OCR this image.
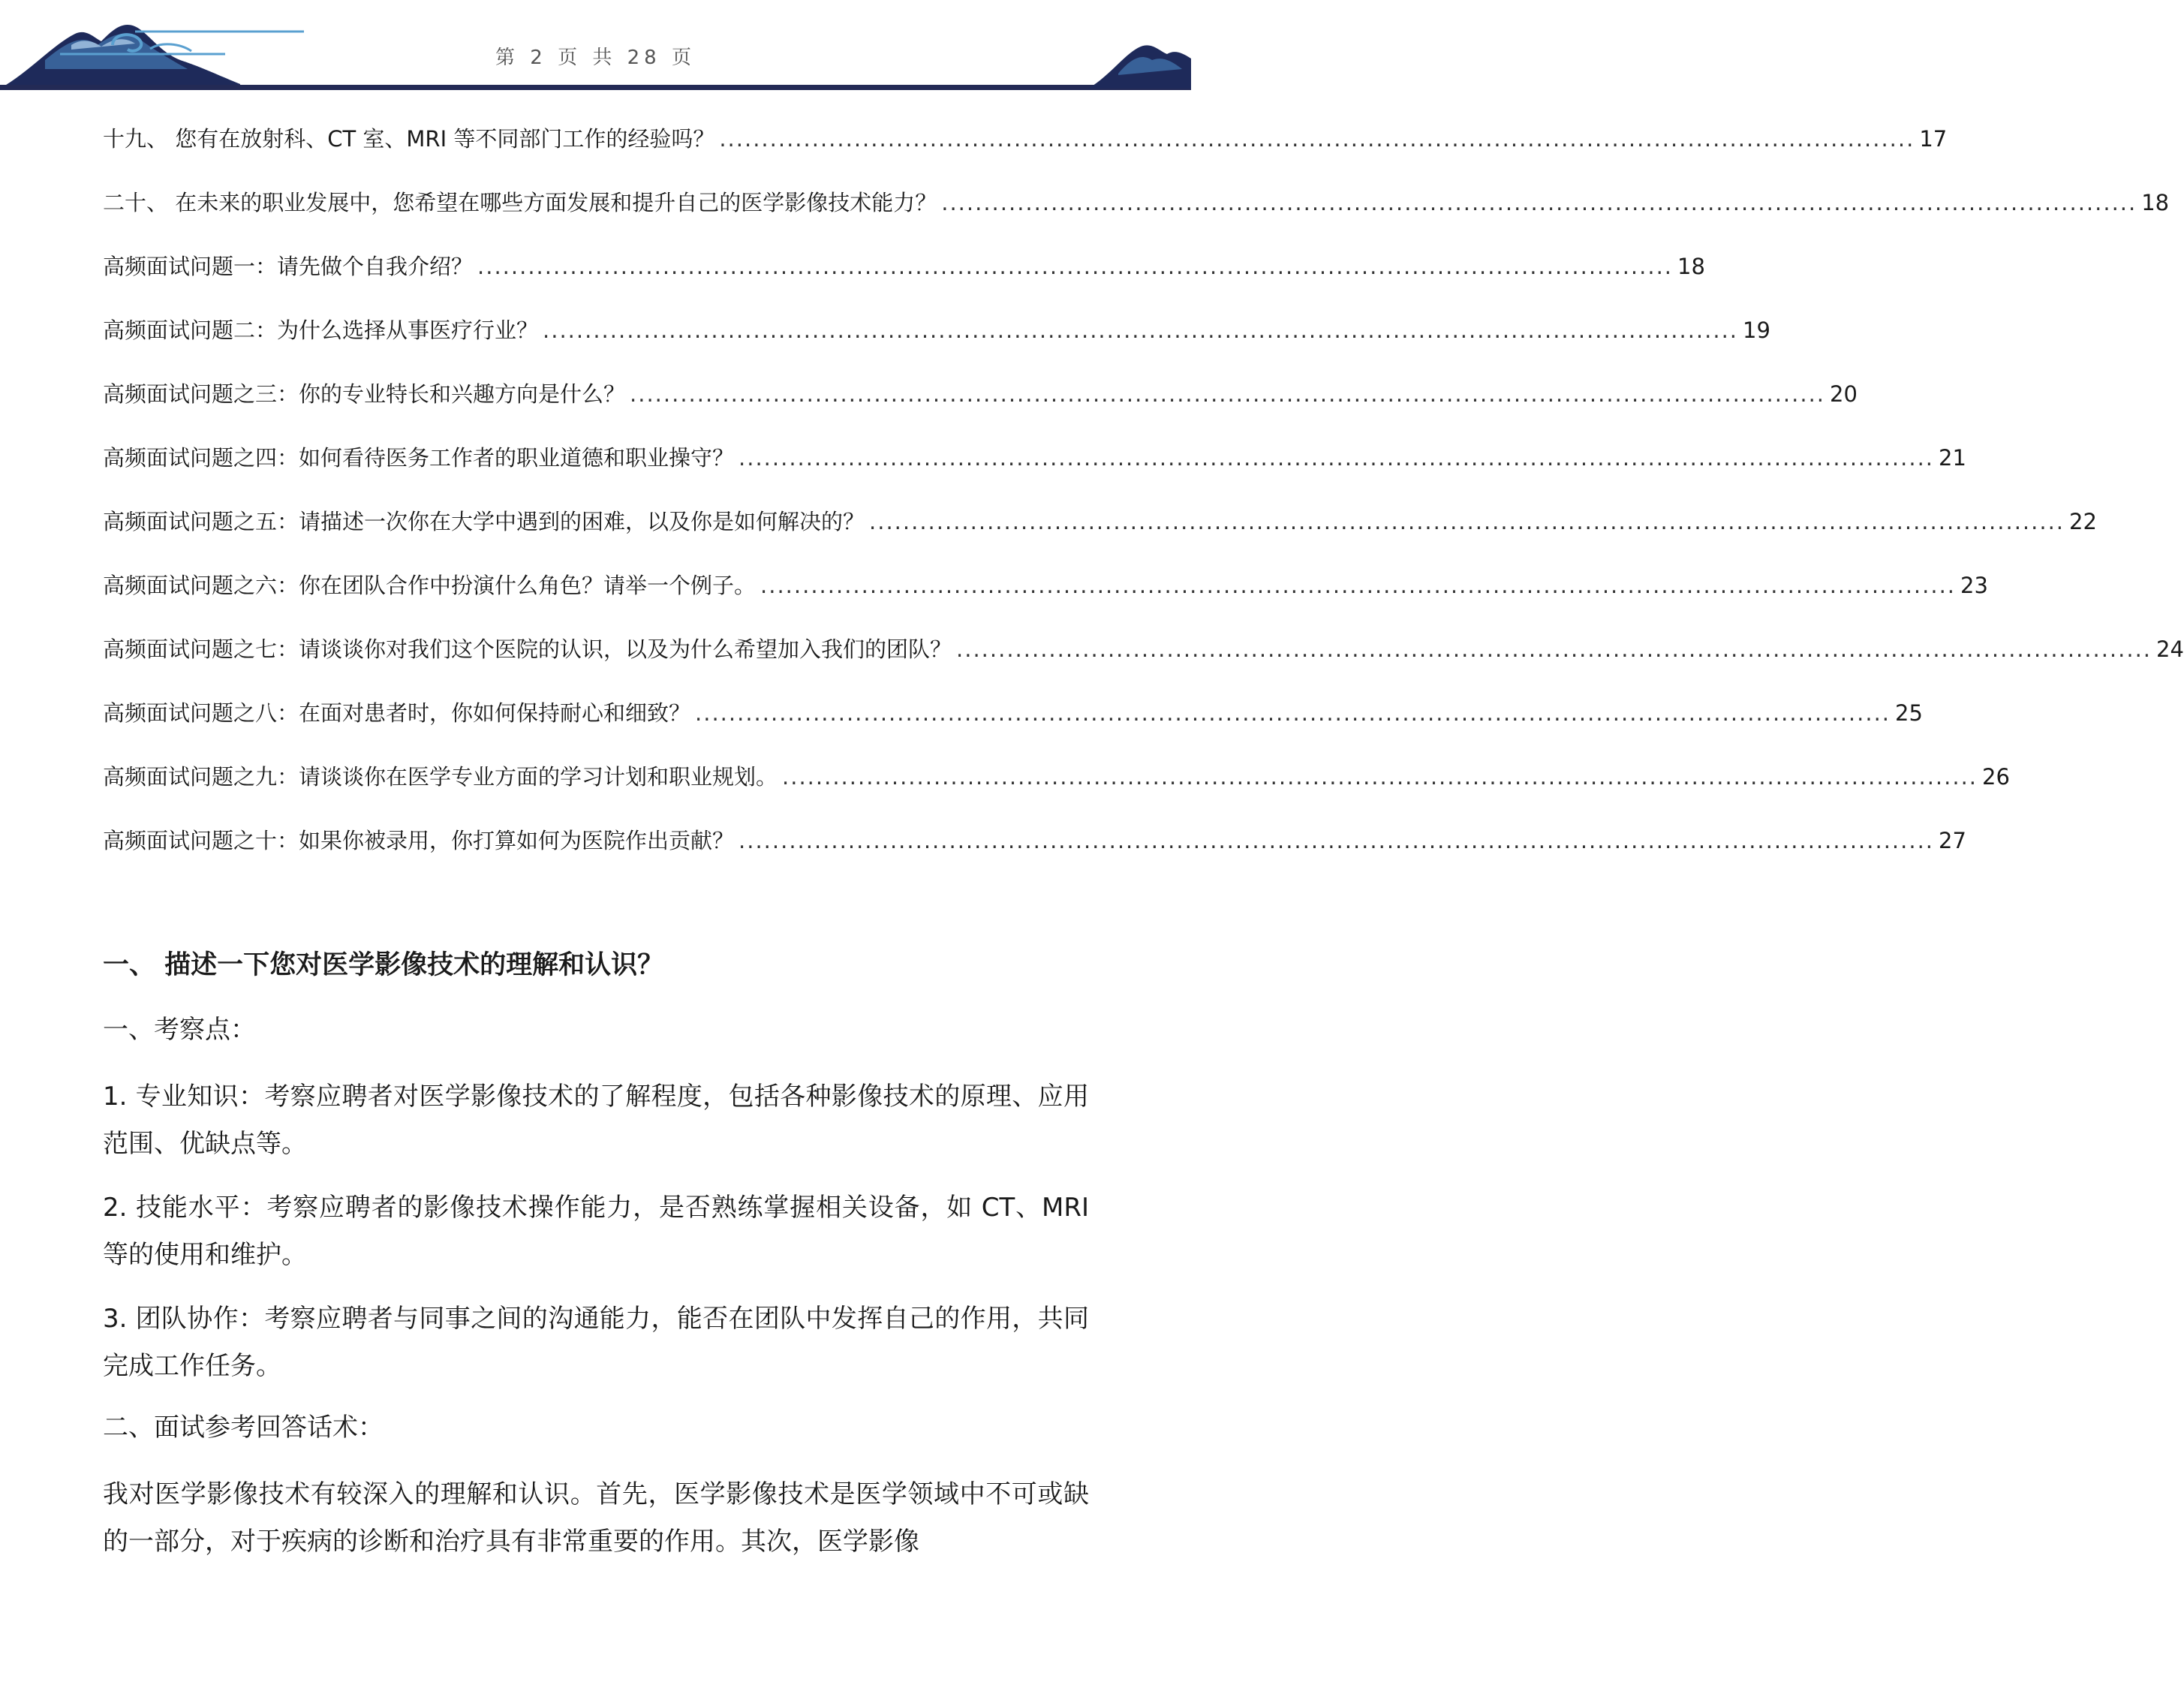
第 2 页 共 28 页
十九、 您有在放射科、CT 室、MRI 等不同部门工作的经验吗？ .............................................................................................................................................. 17
二十、 在未来的职业发展中，您希望在哪些方面发展和提升自己的医学影像技术能力？ .............................................................................................................................................. 18
高频面试问题一：请先做个自我介绍？ .............................................................................................................................................. 18
高频面试问题二：为什么选择从事医疗行业？ .............................................................................................................................................. 19
高频面试问题之三：你的专业特长和兴趣方向是什么？ .............................................................................................................................................. 20
高频面试问题之四：如何看待医务工作者的职业道德和职业操守？ .............................................................................................................................................. 21
高频面试问题之五：请描述一次你在大学中遇到的困难，以及你是如何解决的？ .............................................................................................................................................. 22
高频面试问题之六：你在团队合作中扮演什么角色？请举一个例子。 .............................................................................................................................................. 23
高频面试问题之七：请谈谈你对我们这个医院的认识，以及为什么希望加入我们的团队？ .............................................................................................................................................. 24
高频面试问题之八：在面对患者时，你如何保持耐心和细致？ .............................................................................................................................................. 25
高频面试问题之九：请谈谈你在医学专业方面的学习计划和职业规划。 .............................................................................................................................................. 26
高频面试问题之十：如果你被录用，你打算如何为医院作出贡献？ .............................................................................................................................................. 27
一、 描述一下您对医学影像技术的理解和认识？
一、考察点：
1. 专业知识：考察应聘者对医学影像技术的了解程度，包括各种影像技术的原理、应用范围、优缺点等。
2. 技能水平：考察应聘者的影像技术操作能力，是否熟练掌握相关设备，如 CT、MRI 等的使用和维护。
3. 团队协作：考察应聘者与同事之间的沟通能力，能否在团队中发挥自己的作用，共同完成工作任务。
二、面试参考回答话术：
我对医学影像技术有较深入的理解和认识。首先，医学影像技术是医学领域中不可或缺的一部分，对于疾病的诊断和治疗具有非常重要的作用。其次，医学影像
